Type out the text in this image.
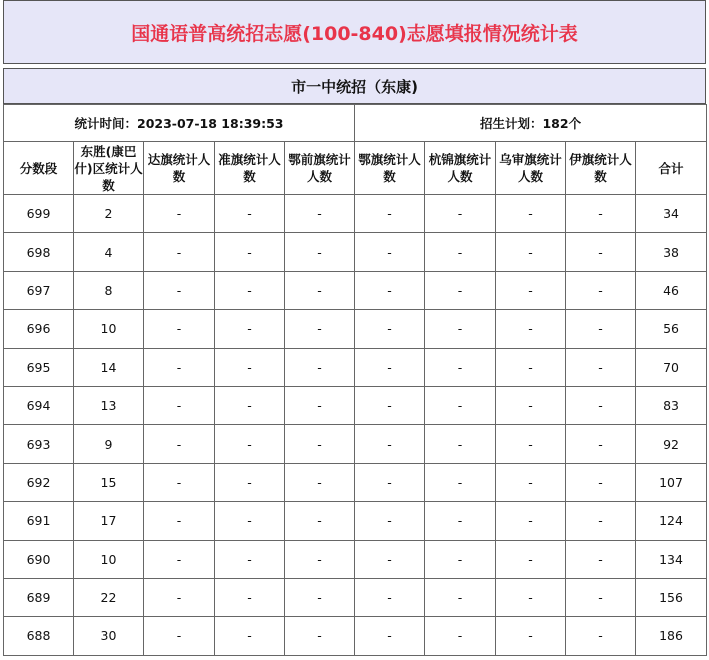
国通语普高统招志愿(100-840)志愿填报情况统计表
市一中统招（东康)
统计时间：2023-07-18 18:39:53					招生计划：182个				
分数段	东胜(康巴什)区统计人数	达旗统计人数	准旗统计人数	鄂前旗统计人数	鄂旗统计人数	杭锦旗统计人数	乌审旗统计人数	伊旗统计人数	合计
699	2	-	-	-	-	-	-	-	34
698	4	-	-	-	-	-	-	-	38
697	8	-	-	-	-	-	-	-	46
696	10	-	-	-	-	-	-	-	56
695	14	-	-	-	-	-	-	-	70
694	13	-	-	-	-	-	-	-	83
693	9	-	-	-	-	-	-	-	92
692	15	-	-	-	-	-	-	-	107
691	17	-	-	-	-	-	-	-	124
690	10	-	-	-	-	-	-	-	134
689	22	-	-	-	-	-	-	-	156
688	30	-	-	-	-	-	-	-	186
